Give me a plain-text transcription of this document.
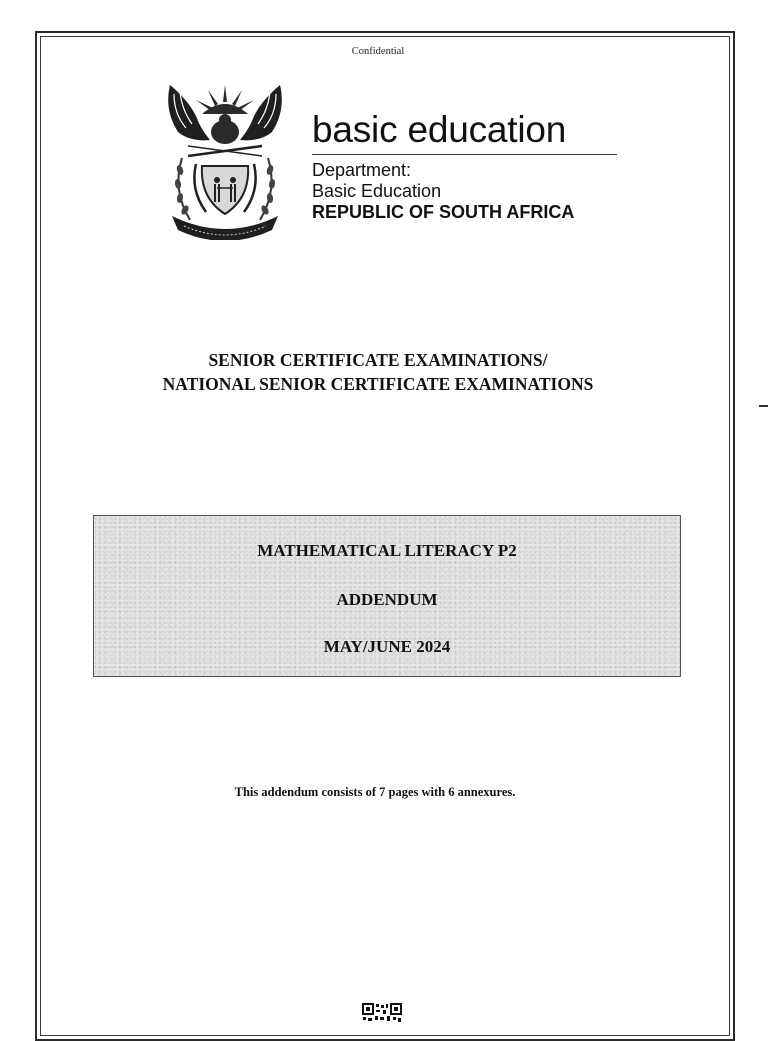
Confidential
basic education
Department:
Basic Education
REPUBLIC OF SOUTH AFRICA
SENIOR CERTIFICATE EXAMINATIONS/
NATIONAL SENIOR CERTIFICATE EXAMINATIONS
MATHEMATICAL LITERACY P2
ADDENDUM
MAY/JUNE 2024
This addendum consists of 7 pages with 6 annexures.
